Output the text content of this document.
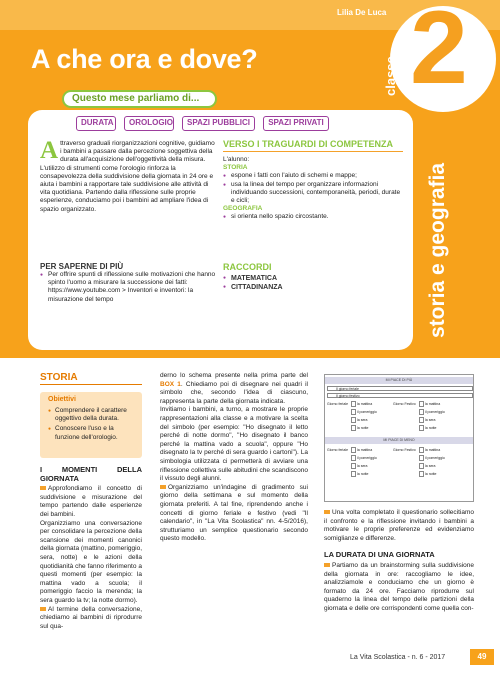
Lilia De Luca
A che ora e dove? 2
classe
storia e geografia
Questo mese parliamo di...
DURATA	OROLOGIO	SPAZI PUBBLICI	SPAZI PRIVATI
A ttraverso graduali riorganizzazioni cognitive, guidiamo i bambini a passare dalla percezione soggettiva della durata all'acquisizione dell'oggettività della misura. L'utilizzo di strumenti come l'orologio rinforza la consapevolezza della suddivisione della giornata in 24 ore e aiuta i bambini a rapportare tale suddivisione alle attività di vita quotidiana. Partendo dalla riflessione sulle proprie esperienze, conduciamo poi i bambini ad ampliare l'idea di spazio organizzato.
PER SAPERNE DI PIÙ
● Per offrire spunti di riflessione sulle motivazioni che hanno spinto l'uomo a misurare la successione dei fatti: https://www.youtube.com > Inventori e inventori: la misurazione del tempo
VERSO I TRAGUARDI DI COMPETENZA
L'alunno:
STORIA
● espone i fatti con l'aiuto di schemi e mappe;
● usa la linea del tempo per organizzare informazioni individuando successioni, contemporaneità, periodi, durate e cicli;
GEOGRAFIA
● si orienta nello spazio circostante.
RACCORDI
● MATEMATICA
● CITTADINANZA
STORIA
Obiettivi
● Comprendere il carattere oggettivo della durata.
● Conoscere l'uso e la funzione dell'orologio.
I MOMENTI DELLA GIORNATA

Approfondiamo il concetto di suddivisione e misurazione del tempo partendo dalle esperienze dei bambini.

Organizziamo una conversazione per consolidare la percezione della scansione dei momenti canonici della giornata (mattino, pomeriggio, sera, notte) e le azioni della quotidianità che fanno riferimento a questi momenti (per esempio: la mattina vado a scuola; il pomeriggio faccio la merenda; la sera guardo la tv; la notte dormo).

Al termine della conversazione, chiediamo ai bambini di riprodurre sul qua-

derno lo schema presente nella prima parte del BOX 1. Chiediamo poi di disegnare nei quadri il simbolo che, secondo l'idea di ciascuno, rappresenta la parte della giornata indicata.

Invitiamo i bambini, a turno, a mostrare le proprie rappresentazioni alla classe e a motivare la scelta del simbolo (per esempio: "Ho disegnato il letto perché di notte dormo", "Ho disegnato il banco perché la mattina vado a scuola", oppure "Ho disegnato la tv perché di sera guardo i cartoni"). La simbologia utilizzata ci permetterà di avviare una riflessione collettiva sulle abitudini che scandiscono il vissuto degli alunni.

Organizziamo un'indagine di gradimento sui giorno della settimana e sul momento della giornata preferiti. A tal fine, riprendendo anche i concetti di giorno feriale e festivo (vedi "Il calendario", in "La Vita Scolastica" nn. 4-5/2016), strutturiamo un semplice questionario secondo questo modello.

MI PIACE DI PIÙ
Il giorno feriale
Il giorno festivo
Giorno feriale	la mattina	Giorno Festivo	la mattina
il pomeriggio	il pomeriggio
la sera	la sera
la notte	la notte
MI PIACE DI MENO
Giorno feriale	la mattina	Giorno Festivo	la mattina
il pomeriggio	il pomeriggio
la sera	la sera
la notte	la notte

Una volta completato il questionario sollecitiamo il confronto e la riflessione invitando i bambini a motivare le proprie preferenze ed evidenziamo somiglianze e differenze.

LA DURATA DI UNA GIORNATA

Partiamo da un brainstorming sulla suddivisione della giornata in ore: raccogliamo le idee, analizziamole e conduciamo che un giorno è formato da 24 ore. Facciamo riprodurre sul quaderno la linea del tempo delle partizioni della giornata e delle ore corrispondenti come quella con-

La Vita Scolastica - n. 6 - 2017	49
